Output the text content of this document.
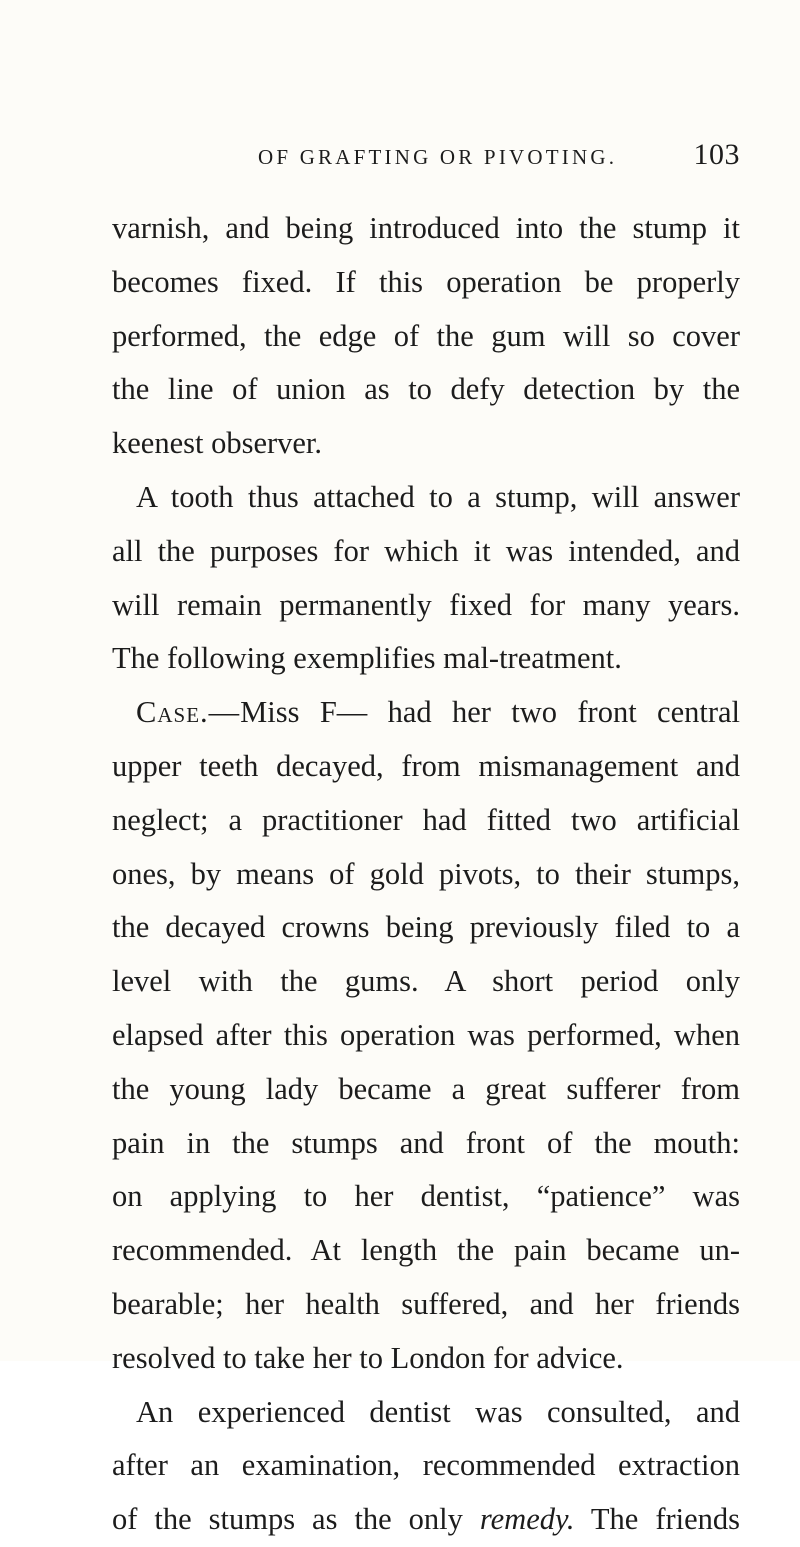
OF GRAFTING OR PIVOTING.	103
varnish, and being introduced into the stump it
becomes fixed. If this operation be properly
performed, the edge of the gum will so cover
the line of union as to defy detection by the
keenest observer.
A tooth thus attached to a stump, will answer
all the purposes for which it was intended, and
will remain permanently fixed for many years.
The following exemplifies mal-treatment.
Case.—Miss F— had her two front central
upper teeth decayed, from mismanagement and
neglect; a practitioner had fitted two artificial
ones, by means of gold pivots, to their stumps,
the decayed crowns being previously filed to a
level with the gums. A short period only
elapsed after this operation was performed, when
the young lady became a great sufferer from
pain in the stumps and front of the mouth:
on applying to her dentist, “patience” was
recommended. At length the pain became un-
bearable; her health suffered, and her friends
resolved to take her to London for advice.
An experienced dentist was consulted, and
after an examination, recommended extraction
of the stumps as the only remedy. The friends
